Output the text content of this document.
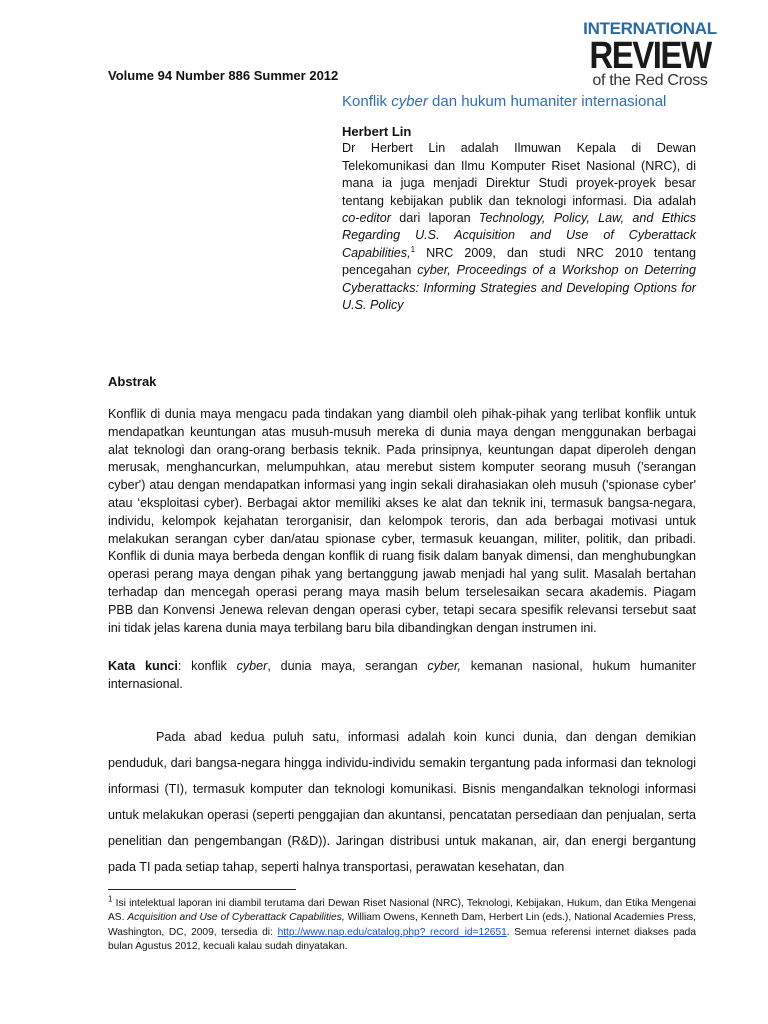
INTERNATIONAL
REVIEW
of the Red Cross
Volume 94 Number 886 Summer 2012
Konflik cyber dan hukum humaniter internasional
Herbert Lin
Dr Herbert Lin adalah Ilmuwan Kepala di Dewan Telekomunikasi dan Ilmu Komputer Riset Nasional (NRC), di mana ia juga menjadi Direktur Studi proyek-proyek besar tentang kebijakan publik dan teknologi informasi. Dia adalah co-editor dari laporan Technology, Policy, Law, and Ethics Regarding U.S. Acquisition and Use of Cyberattack Capabilities,$^1$ NRC 2009, dan studi NRC 2010 tentang pencegahan cyber, Proceedings of a Workshop on Deterring Cyberattacks: Informing Strategies and Developing Options for U.S. Policy
Abstrak
Konflik di dunia maya mengacu pada tindakan yang diambil oleh pihak-pihak yang terlibat konflik untuk mendapatkan keuntungan atas musuh-musuh mereka di dunia maya dengan menggunakan berbagai alat teknologi dan orang-orang berbasis teknik. Pada prinsipnya, keuntungan dapat diperoleh dengan merusak, menghancurkan, melumpuhkan, atau merebut sistem komputer seorang musuh ('serangan cyber') atau dengan mendapatkan informasi yang ingin sekali dirahasiakan oleh musuh ('spionase cyber' atau ‘eksploitasi cyber). Berbagai aktor memiliki akses ke alat dan teknik ini, termasuk bangsa-negara, individu, kelompok kejahatan terorganisir, dan kelompok teroris, dan ada berbagai motivasi untuk melakukan serangan cyber dan/atau spionase cyber, termasuk keuangan, militer, politik, dan pribadi. Konflik di dunia maya berbeda dengan konflik di ruang fisik dalam banyak dimensi, dan menghubungkan operasi perang maya dengan pihak yang bertanggung jawab menjadi hal yang sulit. Masalah bertahan terhadap dan mencegah operasi perang maya masih belum terselesaikan secara akademis. Piagam PBB dan Konvensi Jenewa relevan dengan operasi cyber, tetapi secara spesifik relevansi tersebut saat ini tidak jelas karena dunia maya terbilang baru bila dibandingkan dengan instrumen ini.
Kata kunci: konflik cyber, dunia maya, serangan cyber, kemanan nasional, hukum humaniter internasional.
Pada abad kedua puluh satu, informasi adalah koin kunci dunia, dan dengan demikian penduduk, dari bangsa-negara hingga individu-individu semakin tergantung pada informasi dan teknologi informasi (TI), termasuk komputer dan teknologi komunikasi. Bisnis mengandalkan teknologi informasi untuk melakukan operasi (seperti penggajian dan akuntansi, pencatatan persediaan dan penjualan, serta penelitian dan pengembangan (R&D)). Jaringan distribusi untuk makanan, air, dan energi bergantung pada TI pada setiap tahap, seperti halnya transportasi, perawatan kesehatan, dan
$^1$ Isi intelektual laporan ini diambil terutama dari Dewan Riset Nasional (NRC), Teknologi, Kebijakan, Hukum, dan Etika Mengenai AS. Acquisition and Use of Cyberattack Capabilities, William Owens, Kenneth Dam, Herbert Lin (eds.), National Academies Press, Washington, DC, 2009, tersedia di: http://www.nap.edu/catalog.php? record_id=12651. Semua referensi internet diakses pada bulan Agustus 2012, kecuali kalau sudah dinyatakan.
